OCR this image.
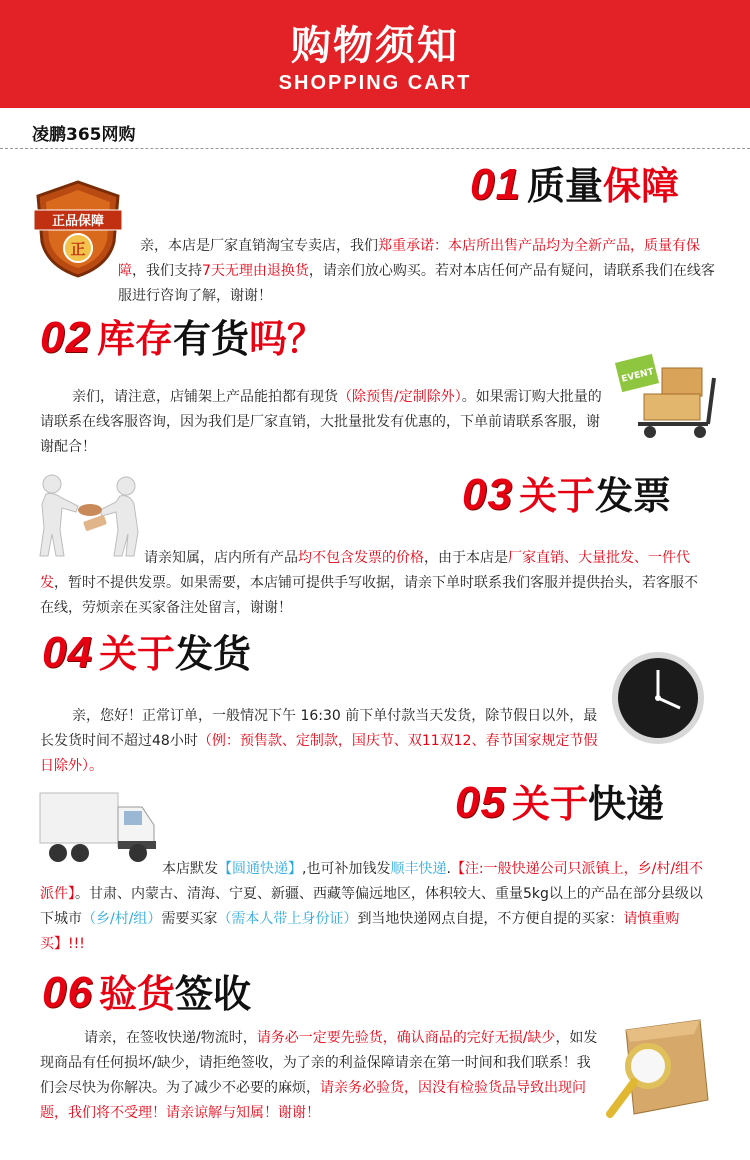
购物须知
SHOPPING CART
凌鹏365网购
01 质量保障
正品保障
正	亲，本店是厂家直销淘宝专卖店，我们郑重承诺：本店所出售产品均为全新产品，质量有保障，我们支持7天无理由退换货，请亲们放心购买。若对本店任何产品有疑问，请联系我们在线客服进行咨询了解，谢谢！
02 库存有货吗？
EVENT
亲们，请注意，店铺架上产品能拍都有现货（除预售/定制除外）。如果需订购大批量的请联系在线客服咨询，因为我们是厂家直销，大批量批发有优惠的，下单前请联系客服，谢谢配合！
03 关于发票
请亲知属，店内所有产品均不包含发票的价格，由于本店是厂家直销、大量批发、一件代发，暂时不提供发票。如果需要，本店铺可提供手写收据，请亲下单时联系我们客服并提供抬头，若客服不在线，劳烦亲在买家备注处留言，谢谢！
04 关于发货
亲，您好！正常订单，一般情况下午 16:30 前下单付款当天发货，除节假日以外，最长发货时间不超过48小时（例：预售款、定制款，国庆节、双11双12、春节国家规定节假日除外）。
05 关于快递
本店默发【圆通快递】,也可补加钱发顺丰快递.【注:一般快递公司只派镇上，乡/村/组不派件】。甘肃、内蒙古、清海、宁夏、新疆、西藏等偏远地区，体积较大、重量5kg以上的产品在部分县级以下城市（乡/村/组）需要买家（需本人带上身份证）到当地快递网点自提，不方便自提的买家：请慎重购买】!!!
06 验货签收
请亲，在签收快递/物流时，请务必一定要先验货，确认商品的完好无损/缺少，如发现商品有任何损坏/缺少，请拒绝签收，为了亲的利益保障请亲在第一时间和我们联系！我们会尽快为你解决。为了减少不必要的麻烦，请亲务必验货，因没有检验货品导致出现问题，我们将不受理！请亲谅解与知属！谢谢！
